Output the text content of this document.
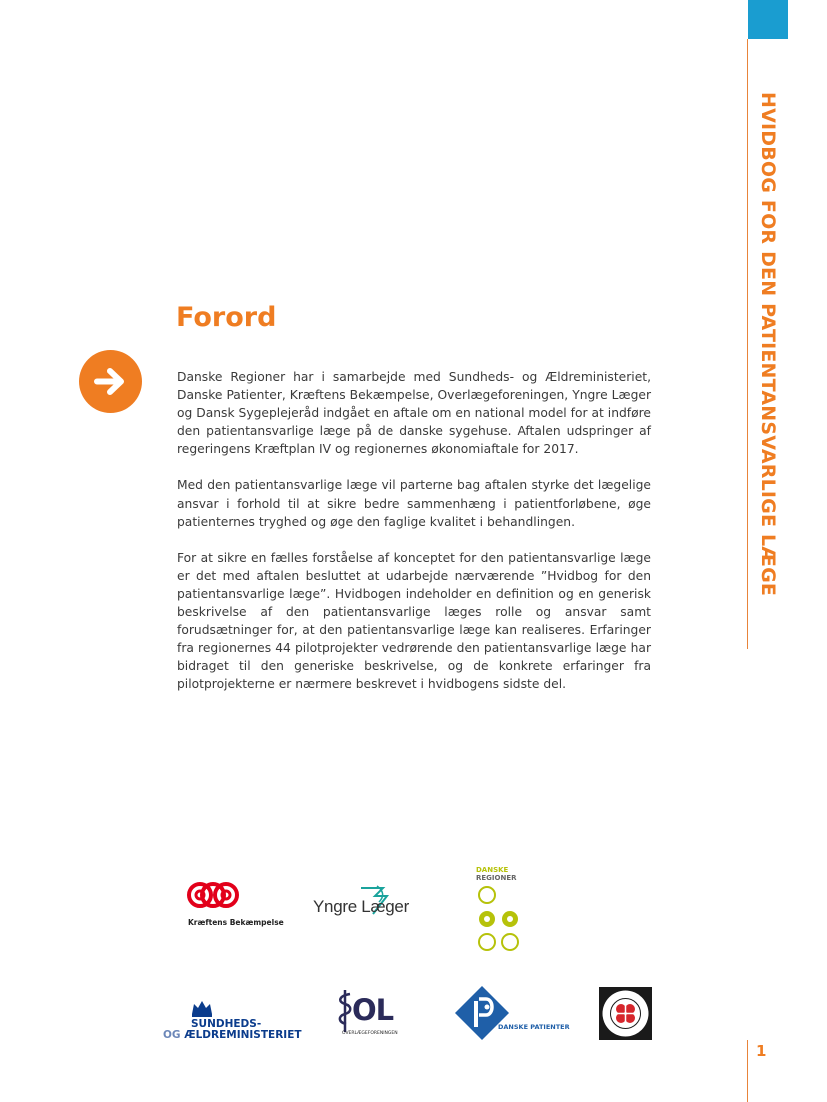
HVIDBOG FOR DEN PATIENTANSVARLIGE LÆGE
1
Forord

Danske Regioner har i samarbejde med Sundheds- og Ældreministeriet, Danske Patienter, Kræftens Bekæmpelse, Overlægeforeningen, Yngre Læger og Dansk Sygeplejeråd indgået en aftale om en national model for at indføre den patientansvarlige læge på de danske sygehuse. Aftalen udspringer af regeringens Kræftplan IV og regionernes økonomiaftale for 2017.

Med den patientansvarlige læge vil parterne bag aftalen styrke det lægelige ansvar i forhold til at sikre bedre sammenhæng i patientforløbene, øge patienternes tryghed og øge den faglige kvalitet i behandlingen.

For at sikre en fælles forståelse af konceptet for den patientansvarlige læge er det med aftalen besluttet at udarbejde nærværende ”Hvidbog for den patientansvarlige læge”. Hvidbogen indeholder en definition og en generisk beskrivelse af den patientansvarlige læges rolle og ansvar samt forudsætninger for, at den patientansvarlige læge kan realiseres. Erfaringer fra regionernes 44 pilotprojekter vedrørende den patientansvarlige læge har bidraget til den generiske beskrivelse, og de konkrete erfaringer fra pilotprojekterne er nærmere beskrevet i hvidbogens sidste del.

Kræftens Bekæmpelse
Yngre Læger
DANSKE
REGIONER
SUNDHEDS-
OG ÆLDREMINISTERIET
OL
OVERLÆGEFORENINGEN
DANSKE PATIENTER
